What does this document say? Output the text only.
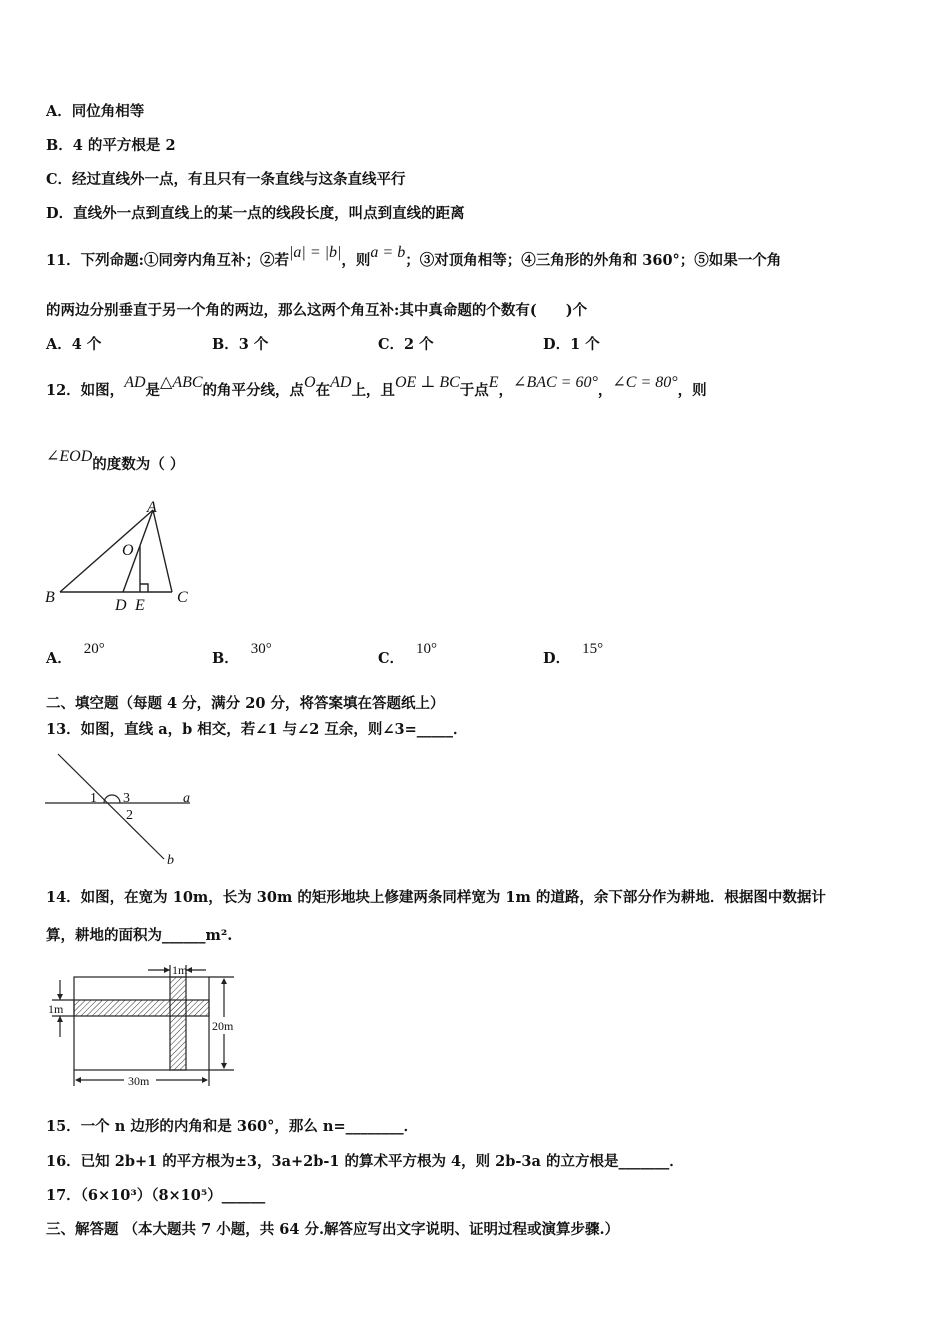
A．同位角相等
B．4 的平方根是 2
C．经过直线外一点，有且只有一条直线与这条直线平行
D．直线外一点到直线上的某一点的线段长度，叫点到直线的距离
11．下列命题:①同旁内角互补；②若|a| = |b|，则a = b；③对顶角相等；④三角形的外角和 360°；⑤如果一个角
的两边分别垂直于另一个角的两边，那么这两个角互补:其中真命题的个数有(　　)个
A．4 个	B．3 个	C．2 个	D．1 个
12．如图，AD是△ABC的角平分线，点O在AD上，且OE ⊥ BC于点E，∠BAC = 60°，∠C = 80°，则
∠EOD的度数为（ ）
A
O
B	D E C
A．20°
B．30°
C．10°
D．15°
二、填空题（每题 4 分，满分 20 分，将答案填在答题纸上）
13．如图，直线 a，b 相交，若∠1 与∠2 互余，则∠3=_____．
1 3
2
a
b
14．如图，在宽为 10m，长为 30m 的矩形地块上修建两条同样宽为 1m 的道路，余下部分作为耕地．根据图中数据计
算，耕地的面积为______m².
1m
1m
20m
30m
15．一个 n 边形的内角和是 360°，那么 n=________．
16．已知 2b+1 的平方根为±3，3a+2b-1 的算术平方根为 4，则 2b-3a 的立方根是_______．
17．（6×10³）（8×10⁵）______
三、解答题 （本大题共 7 小题，共 64 分.解答应写出文字说明、证明过程或演算步骤.）
